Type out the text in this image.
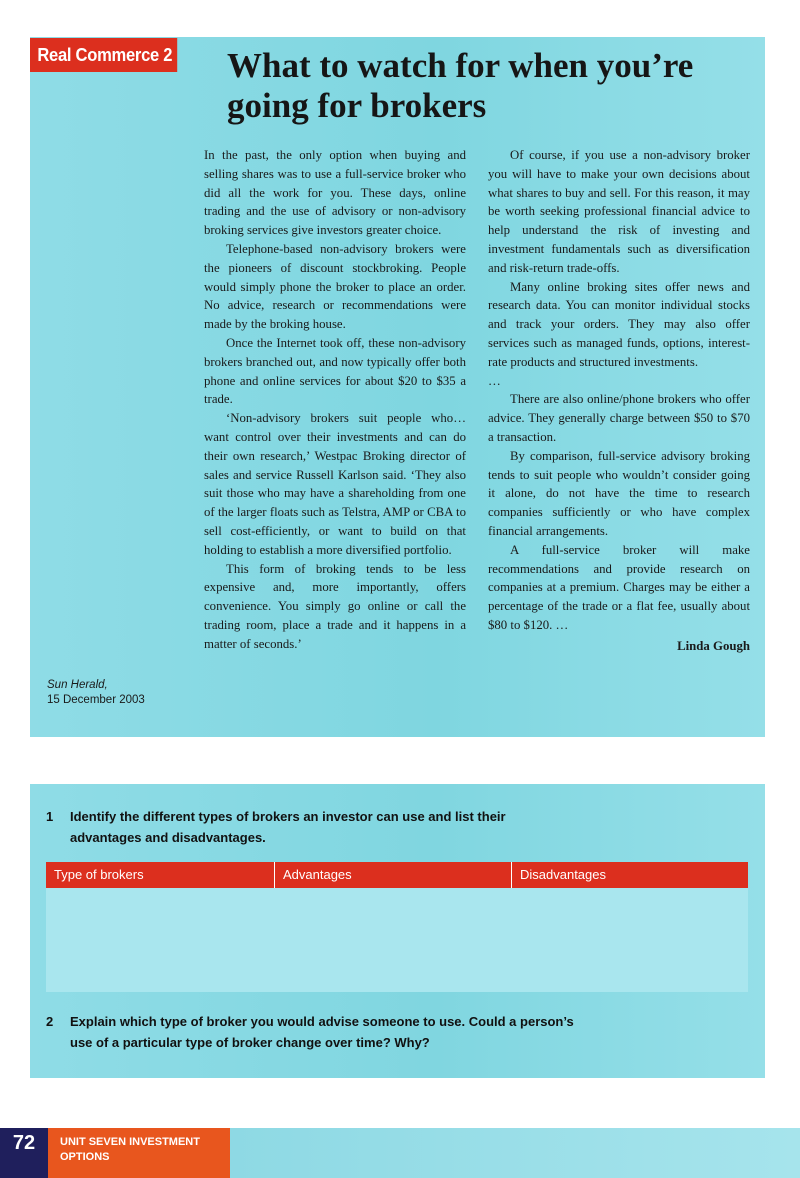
Real Commerce 2 What to watch for when you’re
going for brokers

In the past, the only option when buying and selling shares was to use a full-service broker who did all the work for you. These days, online trading and the use of advisory or non-advisory broking services give investors greater choice.

Telephone-based non-advisory brokers were the pioneers of discount stockbroking. People would simply phone the broker to place an order. No advice, research or recommendations were made by the broking house.

Once the Internet took off, these non-advisory brokers branched out, and now typically offer both phone and online services for about $20 to $35 a trade.

‘Non-advisory brokers suit people who… want control over their investments and can do their own research,’ Westpac Broking director of sales and service Russell Karlson said. ‘They also suit those who may have a shareholding from one of the larger floats such as Telstra, AMP or CBA to sell cost-efficiently, or want to build on that holding to establish a more diversified portfolio.

This form of broking tends to be less expensive and, more importantly, offers convenience. You simply go online or call the trading room, place a trade and it happens in a matter of seconds.’

Of course, if you use a non-advisory broker you will have to make your own decisions about what shares to buy and sell. For this reason, it may be worth seeking professional financial advice to help understand the risk of investing and investment fundamentals such as diversification and risk-return trade-offs.

Many online broking sites offer news and research data. You can monitor individual stocks and track your orders. They may also offer services such as managed funds, options, interest-rate products and structured investments.

…

There are also online/phone brokers who offer advice. They generally charge between $50 to $70 a transaction.

By comparison, full-service advisory broking tends to suit people who wouldn’t consider going it alone, do not have the time to research companies sufficiently or who have complex financial arrangements.

A full-service broker will make recommendations and provide research on companies at a premium. Charges may be either a percentage of the trade or a flat fee, usually about $80 to $120. …

Linda Gough

Sun Herald,
15 December 2003
1 Identify the different types of brokers an investor can use and list their advantages and disadvantages.
Type of brokers	Advantages	Disadvantages
2 Explain which type of broker you would advise someone to use. Could a person’s use of a particular type of broker change over time? Why?
72	UNIT SEVEN INVESTMENT
OPTIONS
